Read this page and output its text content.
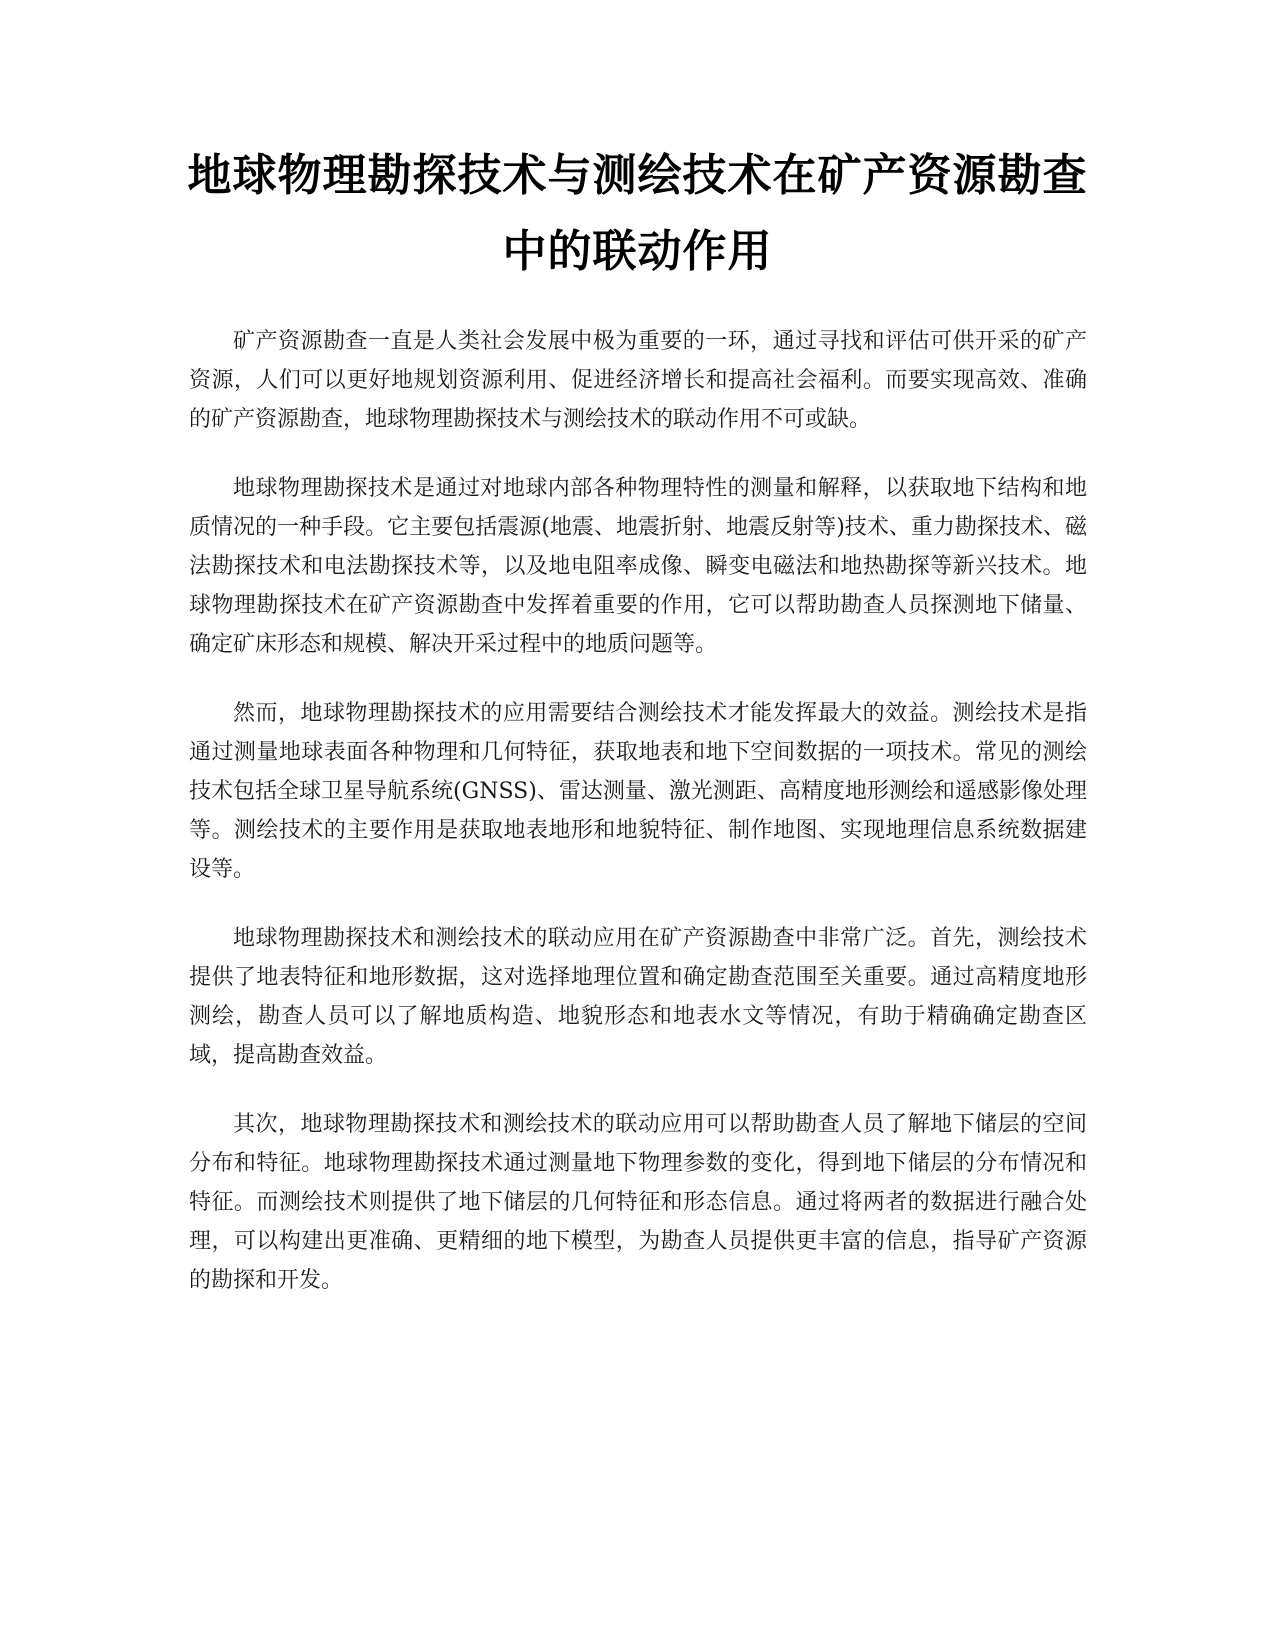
地球物理勘探技术与测绘技术在矿产资源勘查中的联动作用

矿产资源勘查一直是人类社会发展中极为重要的一环，通过寻找和评估可供开采的矿产资源，人们可以更好地规划资源利用、促进经济增长和提高社会福利。而要实现高效、准确的矿产资源勘查，地球物理勘探技术与测绘技术的联动作用不可或缺。

地球物理勘探技术是通过对地球内部各种物理特性的测量和解释，以获取地下结构和地质情况的一种手段。它主要包括震源(地震、地震折射、地震反射等)技术、重力勘探技术、磁法勘探技术和电法勘探技术等，以及地电阻率成像、瞬变电磁法和地热勘探等新兴技术。地球物理勘探技术在矿产资源勘查中发挥着重要的作用，它可以帮助勘查人员探测地下储量、确定矿床形态和规模、解决开采过程中的地质问题等。

然而，地球物理勘探技术的应用需要结合测绘技术才能发挥最大的效益。测绘技术是指通过测量地球表面各种物理和几何特征，获取地表和地下空间数据的一项技术。常见的测绘技术包括全球卫星导航系统(GNSS)、雷达测量、激光测距、高精度地形测绘和遥感影像处理等。测绘技术的主要作用是获取地表地形和地貌特征、制作地图、实现地理信息系统数据建设等。

地球物理勘探技术和测绘技术的联动应用在矿产资源勘查中非常广泛。首先，测绘技术提供了地表特征和地形数据，这对选择地理位置和确定勘查范围至关重要。通过高精度地形测绘，勘查人员可以了解地质构造、地貌形态和地表水文等情况，有助于精确确定勘查区域，提高勘查效益。

其次，地球物理勘探技术和测绘技术的联动应用可以帮助勘查人员了解地下储层的空间分布和特征。地球物理勘探技术通过测量地下物理参数的变化，得到地下储层的分布情况和特征。而测绘技术则提供了地下储层的几何特征和形态信息。通过将两者的数据进行融合处理，可以构建出更准确、更精细的地下模型，为勘查人员提供更丰富的信息，指导矿产资源的勘探和开发。
